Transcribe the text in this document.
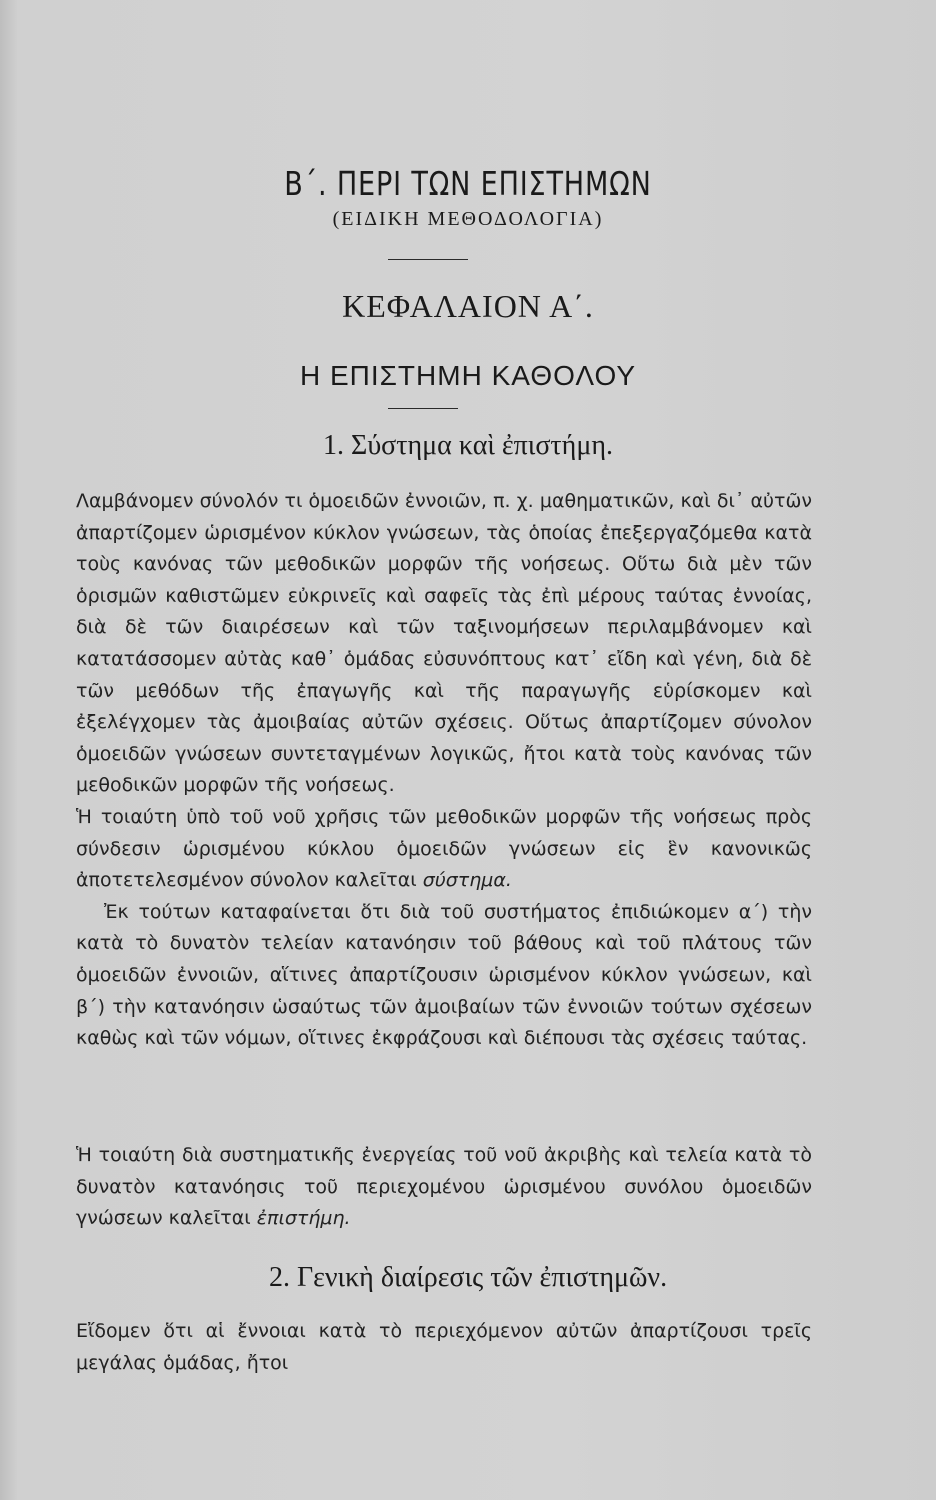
Β΄. ΠΕΡΙ ΤΩΝ ΕΠΙΣΤΗΜΩΝ
(ΕΙΔΙΚΗ ΜΕΘΟΔΟΛΟΓΙΑ)
ΚΕΦΑΛΑΙΟΝ Α΄.
Η ΕΠΙΣΤΗΜΗ ΚΑΘΟΛΟΥ
1. Σύστημα καὶ ἐπιστήμη.

Λαμβάνομεν σύνολόν τι ὁμοειδῶν ἐννοιῶν, π. χ. μαθηματικῶν, καὶ δι᾽ αὐτῶν ἀπαρτίζομεν ὡρισμένον κύκλον γνώσεων, τὰς ὁποίας ἐπεξεργαζόμεθα κατὰ τοὺς κανόνας τῶν μεθοδικῶν μορφῶν τῆς νοήσεως. Οὕτω διὰ μὲν τῶν ὁρισμῶν καθιστῶμεν εὐκρινεῖς καὶ σαφεῖς τὰς ἐπὶ μέρους ταύτας ἐννοίας, διὰ δὲ τῶν διαιρέσεων καὶ τῶν ταξινομήσεων περιλαμβάνομεν καὶ κατατάσσομεν αὐτὰς καθ᾽ ὁμάδας εὐσυνόπτους κατ᾽ εἴδη καὶ γένη, διὰ δὲ τῶν μεθόδων τῆς ἐπαγωγῆς καὶ τῆς παραγωγῆς εὑρίσκομεν καὶ ἐξελέγχομεν τὰς ἀμοιβαίας αὐτῶν σχέσεις. Οὕτως ἀπαρτίζομεν σύνολον ὁμοειδῶν γνώσεων συντεταγμένων λογικῶς, ἤτοι κατὰ τοὺς κανόνας τῶν μεθοδικῶν μορφῶν τῆς νοήσεως.

Ἡ τοιαύτη ὑπὸ τοῦ νοῦ χρῆσις τῶν μεθοδικῶν μορφῶν τῆς νοήσεως πρὸς σύνδεσιν ὡρισμένου κύκλου ὁμοειδῶν γνώσεων εἰς ἓν κανονικῶς ἀποτετελεσμένον σύνολον καλεῖται σύστημα.

Ἐκ τούτων καταφαίνεται ὅτι διὰ τοῦ συστήματος ἐπιδιώκομεν α΄) τὴν κατὰ τὸ δυνατὸν τελείαν κατανόησιν τοῦ βάθους καὶ τοῦ πλάτους τῶν ὁμοειδῶν ἐννοιῶν, αἵτινες ἀπαρτίζουσιν ὡρισμένον κύκλον γνώσεων, καὶ β΄) τὴν κατανόησιν ὡσαύτως τῶν ἀμοιβαίων τῶν ἐννοιῶν τούτων σχέσεων καθὼς καὶ τῶν νόμων, οἵτινες ἐκφράζουσι καὶ διέπουσι τὰς σχέσεις ταύτας.

Ἡ τοιαύτη διὰ συστηματικῆς ἐνεργείας τοῦ νοῦ ἀκριβὴς καὶ τελεία κατὰ τὸ δυνατὸν κατανόησις τοῦ περιεχομένου ὡρισμένου συνόλου ὁμοειδῶν γνώσεων καλεῖται ἐπιστήμη.

2. Γενικὴ διαίρεσις τῶν ἐπιστημῶν.

Εἴδομεν ὅτι αἱ ἔννοιαι κατὰ τὸ περιεχόμενον αὐτῶν ἀπαρτίζουσι τρεῖς μεγάλας ὁμάδας, ἤτοι
